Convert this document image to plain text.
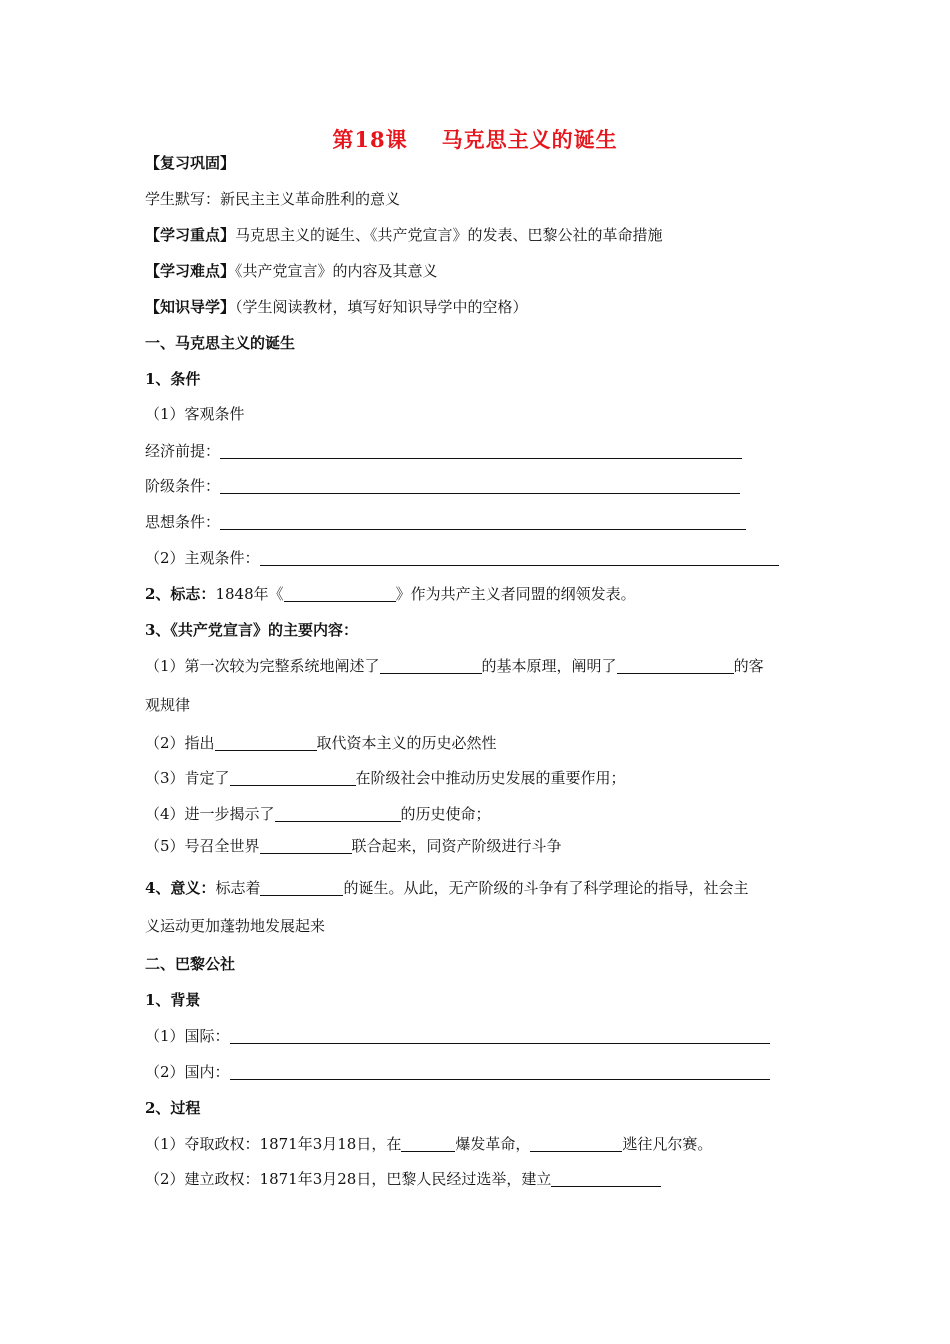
第18课 马克思主义的诞生
【复习巩固】
学生默写：新民主主义革命胜利的意义
【学习重点】马克思主义的诞生、《共产党宣言》的发表、巴黎公社的革命措施
【学习难点】《共产党宣言》的内容及其意义
【知识导学】（学生阅读教材，填写好知识导学中的空格）
一、马克思主义的诞生
1、条件
（1）客观条件
经济前提：
阶级条件：
思想条件：
（2）主观条件：
2、标志：1848年《	》作为共产主义者同盟的纲领发表。
3、《共产党宣言》的主要内容：
（1）第一次较为完整系统地阐述了	的基本原理，阐明了	的客
观规律
（2）指出	取代资本主义的历史必然性
（3）肯定了	在阶级社会中推动历史发展的重要作用；
（4）进一步揭示了	的历史使命；
（5）号召全世界	联合起来，同资产阶级进行斗争
4、意义：标志着	的诞生。从此，无产阶级的斗争有了科学理论的指导，社会主
义运动更加蓬勃地发展起来
二、巴黎公社
1、背景
（1）国际：
（2）国内：
2、过程
（1）夺取政权：1871年3月18日，在	爆发革命，	逃往凡尔赛。
（2）建立政权：1871年3月28日，巴黎人民经过选举，建立
